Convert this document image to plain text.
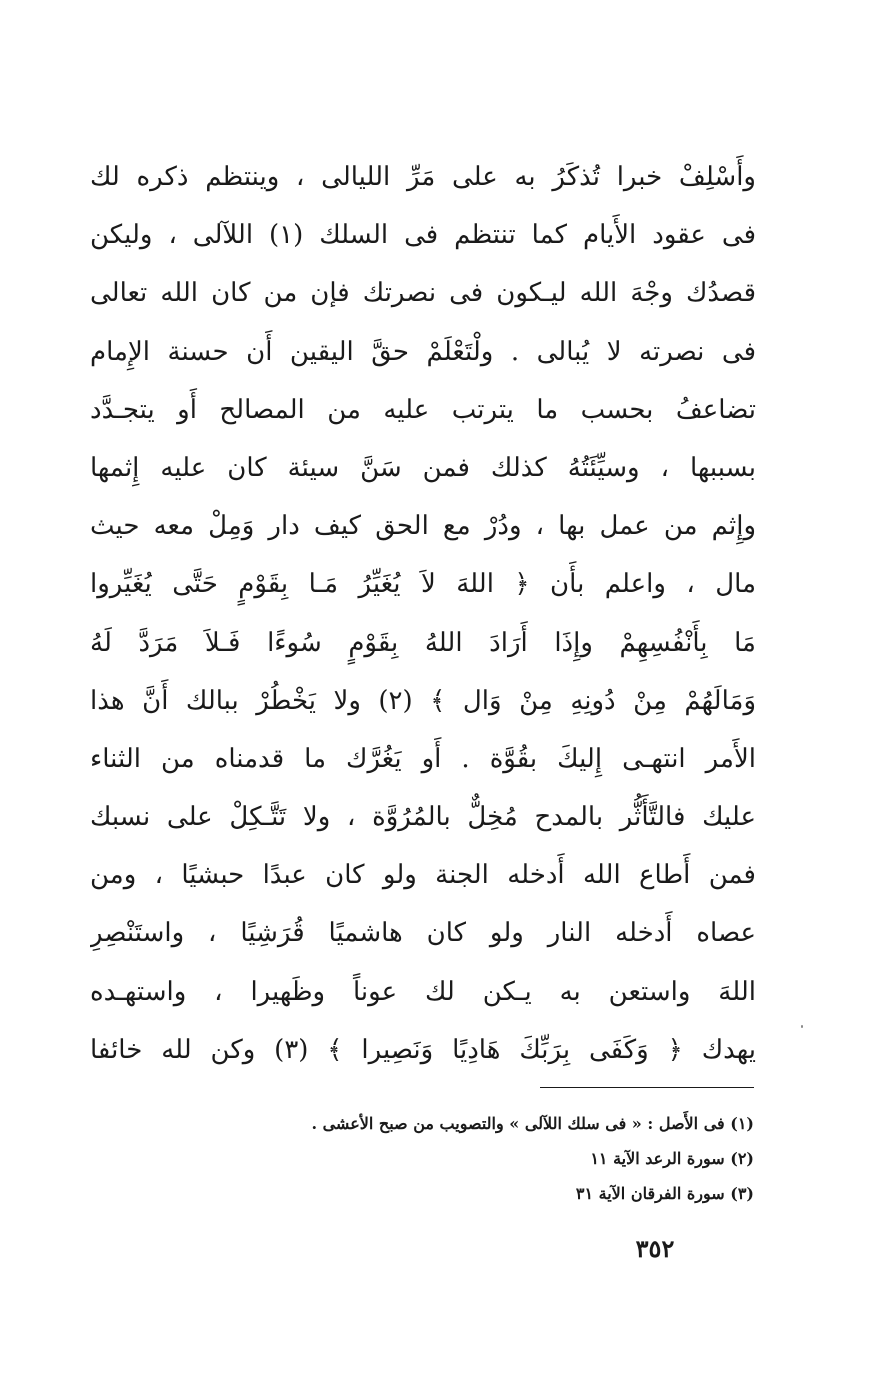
وأَسْلِفْ خبرا تُذكَرُ به على مَرِّ الليالى ، وينتظم ذكره لك
فى عقود الأَيام كما تنتظم فى السلك (١) اللآلى ، وليكن
قصدُك وجْهَ الله ليـكون فى نصرتك فإن من كان الله تعالى
فى نصرته لا يُبالى . ولْتَعْلَمْ حقَّ اليقين أَن حسنة الإِمام
تضاعفُ بحسب ما يترتب عليه من المصالح أَو يتجـدَّد
بسببها ، وسيِّئَتُهُ كذلك فمن سَنَّ سيئة كان عليه إِثمها
وإِثم من عمل بها ، ودُرْ مع الحق كيف دار وَمِلْ معه حيث
مال ، واعلم بأَن ﴿ اللهَ لاَ يُغَيِّرُ مَـا بِقَوْمٍ حَتَّى يُغَيِّروا
مَا بِأَنْفُسِهِمْ وإِذَا أَرَادَ اللهُ بِقَوْمٍ سُوءًا فَـلاَ مَرَدَّ لَهُ
وَمَالَهُمْ مِنْ دُونِهِ مِنْ وَال ﴾ (٢) ولا يَخْطُرْ ببالك أَنَّ هذا
الأَمر انتهـى إِليكَ بقُوَّة . أَو يَغُرَّك ما قدمناه من الثناء
عليك فالتَّأَثُّر بالمدح مُخِلٌّ بالمُرُوَّة ، ولا تَتَّـكِلْ على نسبك
فمن أَطاع الله أَدخله الجنة ولو كان عبدًا حبشيًا ، ومن
عصاه أَدخله النار ولو كان هاشميًا قُرَشِيًا ، واستَنْصِرِ
اللهَ واستعن به يـكن لك عوناً وظَهيرا ، واستهـده
يهدك ﴿ وَكَفَى بِرَبِّكَ هَادِيًا وَنَصِيرا ﴾ (٣) وكن لله خائفا
(١) فى الأَصل : « فى سلك اللآلى » والتصويب من صبح الأعشى .
(٢) سورة الرعد الآية ١١
(٣) سورة الفرقان الآية ٣١
٣٥٢
